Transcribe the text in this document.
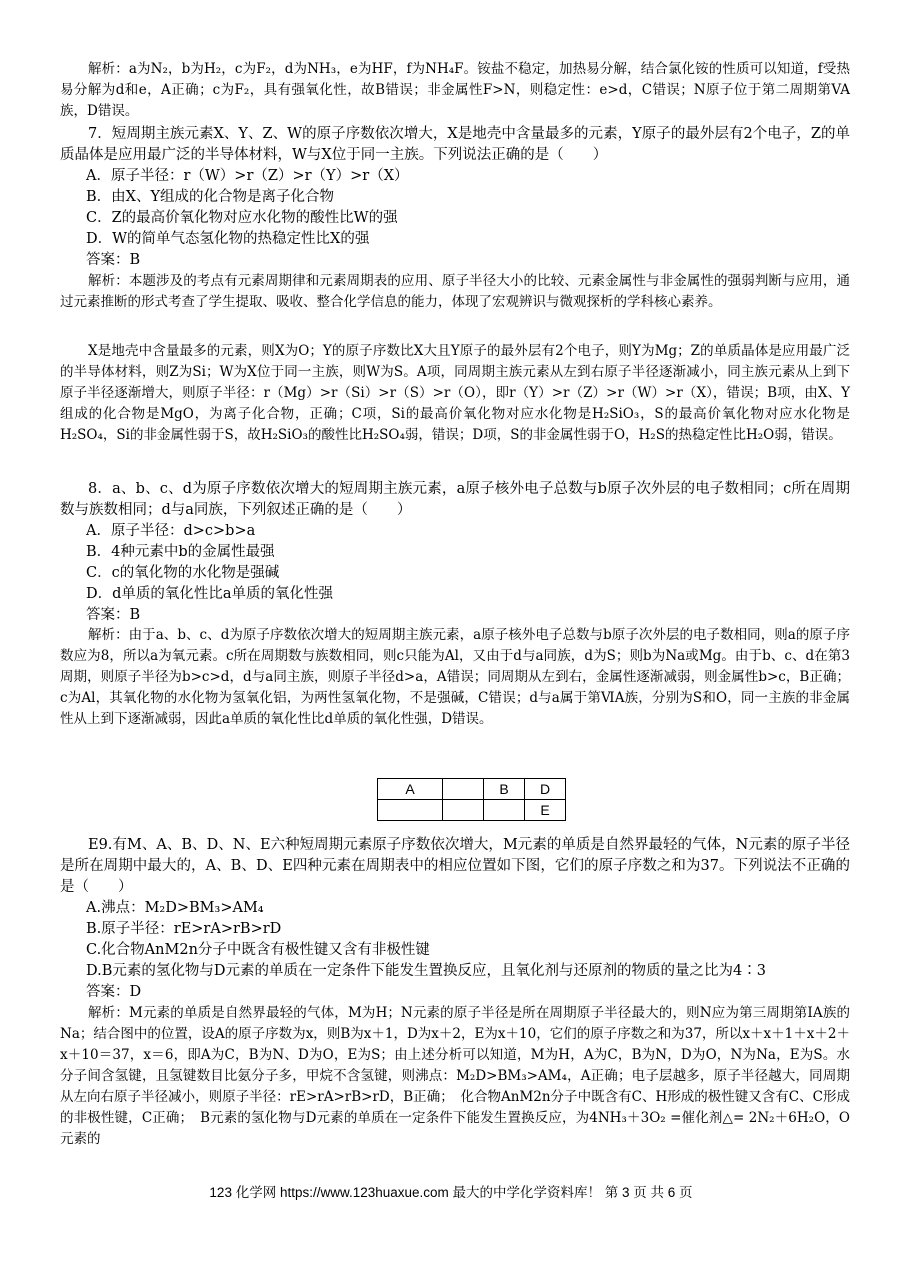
解析：a为N₂，b为H₂，c为F₂，d为NH₃，e为HF，f为NH₄F。铵盐不稳定，加热易分解，结合氯化铵的性质可以知道，f受热易分解为d和e，A正确；c为F₂，具有强氧化性，故B错误；非金属性F>N，则稳定性：e>d，C错误；N原子位于第二周期第VA族，D错误。

7．短周期主族元素X、Y、Z、W的原子序数依次增大，X是地壳中含量最多的元素，Y原子的最外层有2个电子，Z的单质晶体是应用最广泛的半导体材料，W与X位于同一主族。下列说法正确的是（　　）

A．原子半径：r（W）>r（Z）>r（Y）>r（X）

B．由X、Y组成的化合物是离子化合物

C．Z的最高价氧化物对应水化物的酸性比W的强

D．W的简单气态氢化物的热稳定性比X的强

答案：B

解析：本题涉及的考点有元素周期律和元素周期表的应用、原子半径大小的比较、元素金属性与非金属性的强弱判断与应用，通过元素推断的形式考查了学生提取、吸收、整合化学信息的能力，体现了宏观辨识与微观探析的学科核心素养。

X是地壳中含量最多的元素，则X为O；Y的原子序数比X大且Y原子的最外层有2个电子，则Y为Mg；Z的单质晶体是应用最广泛的半导体材料，则Z为Si；W为X位于同一主族，则W为S。A项，同周期主族元素从左到右原子半径逐渐减小，同主族元素从上到下原子半径逐渐增大，则原子半径：r（Mg）>r（Si）>r（S）>r（O），即r（Y）>r（Z）>r（W）>r（X），错误；B项，由X、Y组成的化合物是MgO，为离子化合物，正确；C项，Si的最高价氧化物对应水化物是H₂SiO₃，S的最高价氧化物对应水化物是H₂SO₄，Si的非金属性弱于S，故H₂SiO₃的酸性比H₂SO₄弱，错误；D项，S的非金属性弱于O，H₂S的热稳定性比H₂O弱，错误。

8．a、b、c、d为原子序数依次增大的短周期主族元素，a原子核外电子总数与b原子次外层的电子数相同；c所在周期数与族数相同；d与a同族，下列叙述正确的是（　　）

A．原子半径：d>c>b>a

B．4种元素中b的金属性最强

C．c的氧化物的水化物是强碱

D．d单质的氧化性比a单质的氧化性强

答案：B

解析：由于a、b、c、d为原子序数依次增大的短周期主族元素，a原子核外电子总数与b原子次外层的电子数相同，则a的原子序数应为8，所以a为氧元素。c所在周期数与族数相同，则c只能为Al，又由于d与a同族，d为S；则b为Na或Mg。由于b、c、d在第3周期，则原子半径为b>c>d，d与a同主族，则原子半径d>a，A错误；同周期从左到右，金属性逐渐减弱，则金属性b>c，B正确；c为Al，其氧化物的水化物为氢氧化铝，为两性氢氧化物，不是强碱，C错误；d与a属于第ⅥA族，分别为S和O，同一主族的非金属性从上到下逐渐减弱，因此a单质的氧化性比d单质的氧化性强，D错误。

A		B	D
			E

E9.有M、A、B、D、N、E六种短周期元素原子序数依次增大，M元素的单质是自然界最轻的气体，N元素的原子半径是所在周期中最大的，A、B、D、E四种元素在周期表中的相应位置如下图，它们的原子序数之和为37。下列说法不正确的是（　　）

A.沸点：M₂D>BM₃>AM₄

B.原子半径：rE>rA>rB>rD

C.化合物AnM2n分子中既含有极性键又含有非极性键

D.B元素的氢化物与D元素的单质在一定条件下能发生置换反应，且氧化剂与还原剂的物质的量之比为4∶3

答案：D

解析：M元素的单质是自然界最轻的气体，M为H；N元素的原子半径是所在周期原子半径最大的，则N应为第三周期第ⅠA族的Na；结合图中的位置，设A的原子序数为x，则B为x＋1，D为x＋2，E为x＋10，它们的原子序数之和为37，所以x＋x＋1＋x＋2＋x＋10＝37，x＝6，即A为C，B为N、D为O，E为S；由上述分析可以知道，M为H，A为C，B为N，D为O，N为Na，E为S。水分子间含氢键，且氢键数目比氨分子多，甲烷不含氢键，则沸点：M₂D>BM₃>AM₄，A正确；电子层越多，原子半径越大，同周期从左向右原子半径减小，则原子半径：rE>rA>rB>rD，B正确；　化合物AnM2n分子中既含有C、H形成的极性键又含有C、C形成的非极性键，C正确；　B元素的氢化物与D元素的单质在一定条件下能发生置换反应，为4NH₃＋3O₂ =催化剂△= 2N₂＋6H₂O，O元素的

123 化学网 https://www.123huaxue.com 最大的中学化学资料库！ 第 3 页 共 6 页
